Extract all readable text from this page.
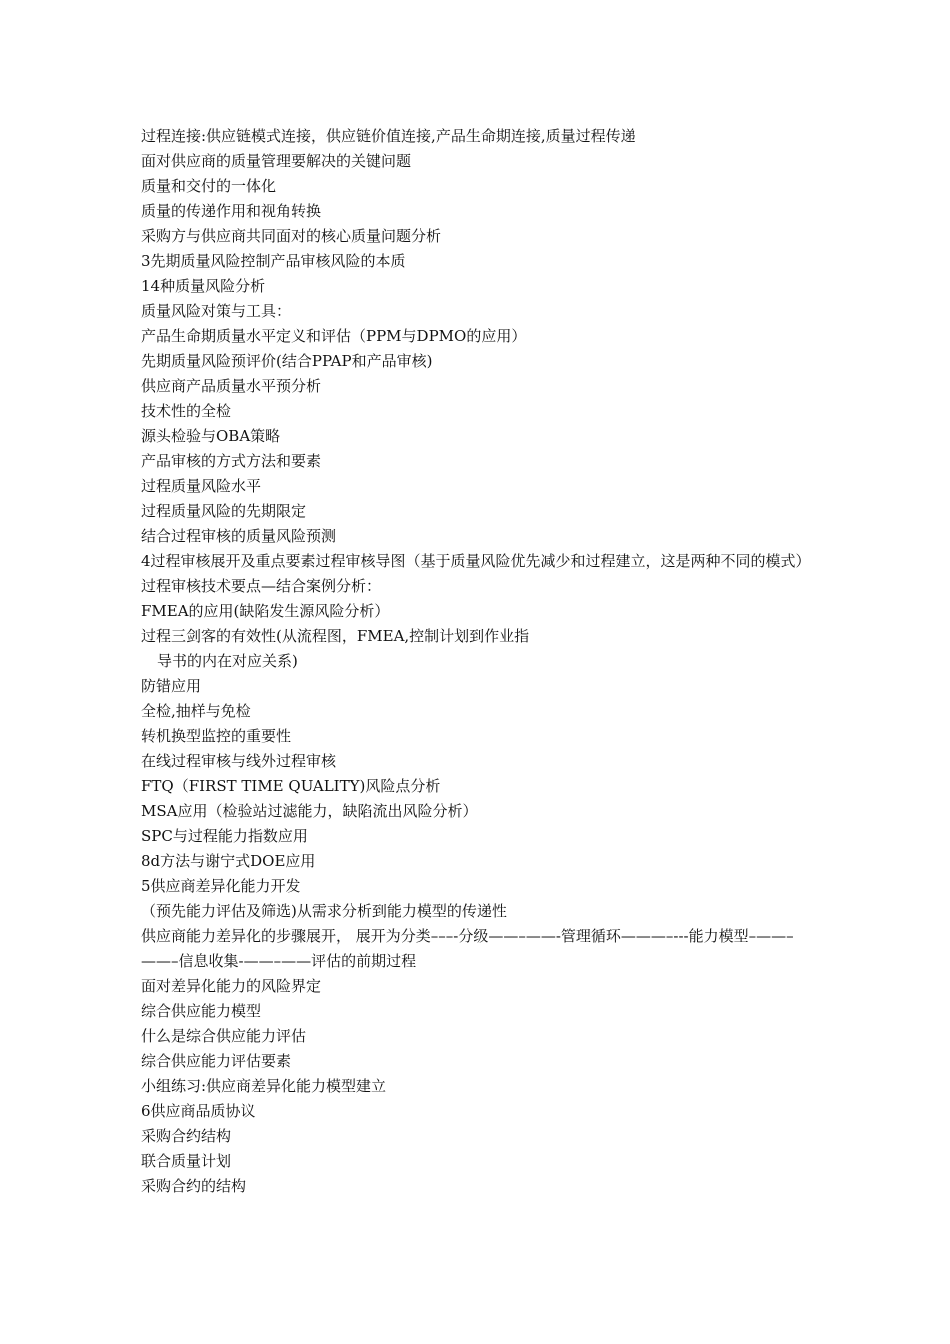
过程连接:供应链模式连接，供应链价值连接,产品生命期连接,质量过程传递
面对供应商的质量管理要解决的关键问题
质量和交付的一体化
质量的传递作用和视角转换
采购方与供应商共同面对的核心质量问题分析
3先期质量风险控制产品审核风险的本质
14种质量风险分析
质量风险对策与工具：
产品生命期质量水平定义和评估（PPM与DPMO的应用）
先期质量风险预评价(结合PPAP和产品审核)
供应商产品质量水平预分析
技术性的全检
源头检验与OBA策略
产品审核的方式方法和要素
过程质量风险水平
过程质量风险的先期限定
结合过程审核的质量风险预测
4过程审核展开及重点要素过程审核导图（基于质量风险优先减少和过程建立，这是两种不同的模式）
过程审核技术要点—结合案例分析：
FMEA的应用(缺陷发生源风险分析）
过程三剑客的有效性(从流程图，FMEA,控制计划到作业指
导书的内在对应关系)
防错应用
全检,抽样与免检
转机换型监控的重要性
在线过程审核与线外过程审核
FTQ（FIRST TIME QUALITY)风险点分析
MSA应用（检验站过滤能力，缺陷流出风险分析）
SPC与过程能力指数应用
8d方法与谢宁式DOE应用
5供应商差异化能力开发
（预先能力评估及筛选)从需求分析到能力模型的传递性
供应商能力差异化的步骤展开， 展开为分类–––-分级——–——-管理循环———–---能力模型–——–——–信息收集-——–——评估的前期过程
面对差异化能力的风险界定
综合供应能力模型
什么是综合供应能力评估
综合供应能力评估要素
小组练习:供应商差异化能力模型建立
6供应商品质协议
采购合约结构
联合质量计划
采购合约的结构
